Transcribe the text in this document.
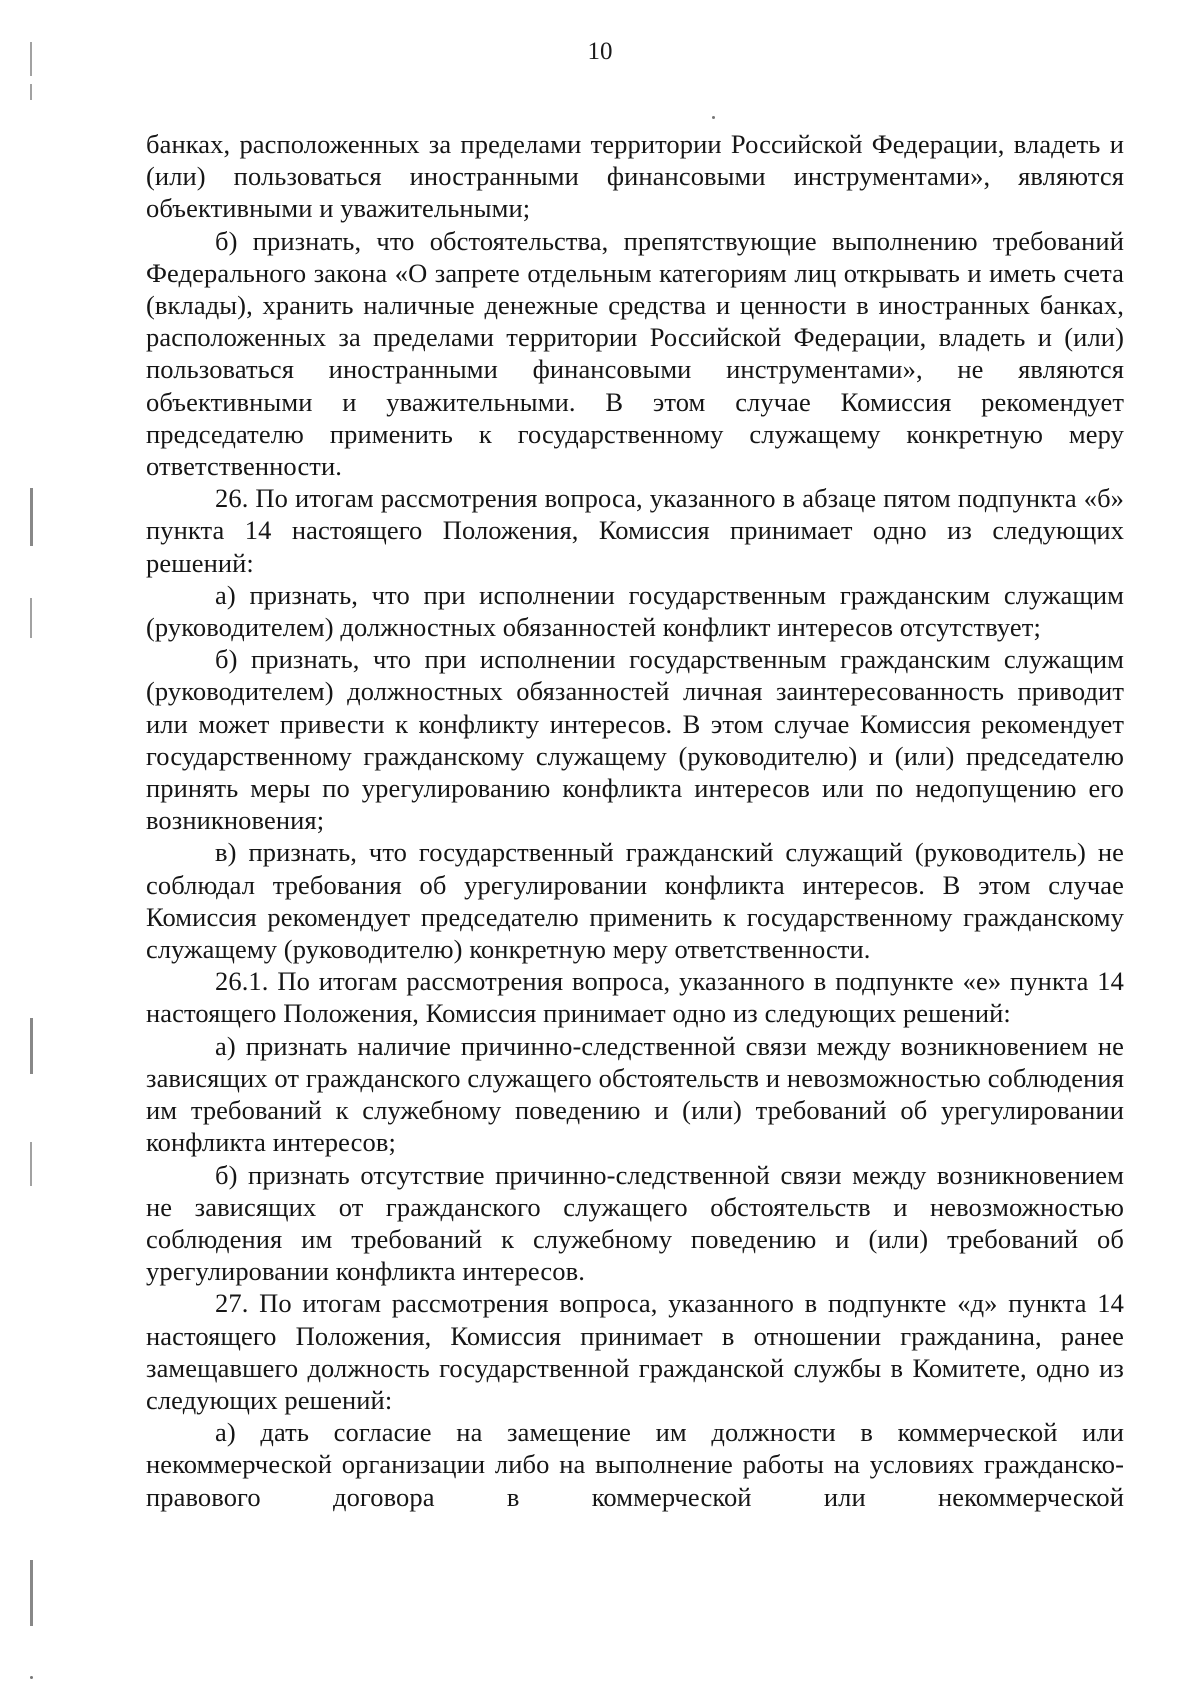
10

банках, расположенных за пределами территории Российской Федерации, владеть и (или) пользоваться иностранными финансовыми инструментами», являются объективными и уважительными;

б) признать, что обстоятельства, препятствующие выполнению требований Федерального закона «О запрете отдельным категориям лиц открывать и иметь счета (вклады), хранить наличные денежные средства и ценности в иностранных банках, расположенных за пределами территории Российской Федерации, владеть и (или) пользоваться иностранными финансовыми инструментами», не являются объективными и уважительными. В этом случае Комиссия рекомендует председателю применить к государственному служащему конкретную меру ответственности.

26. По итогам рассмотрения вопроса, указанного в абзаце пятом подпункта «б» пункта 14 настоящего Положения, Комиссия принимает одно из следующих решений:

а) признать, что при исполнении государственным гражданским служащим (руководителем) должностных обязанностей конфликт интересов отсутствует;

б) признать, что при исполнении государственным гражданским служащим (руководителем) должностных обязанностей личная заинтересованность приводит или может привести к конфликту интересов. В этом случае Комиссия рекомендует государственному гражданскому служащему (руководителю) и (или) председателю принять меры по урегулированию конфликта интересов или по недопущению его возникновения;

в) признать, что государственный гражданский служащий (руководитель) не соблюдал требования об урегулировании конфликта интересов. В этом случае Комиссия рекомендует председателю применить к государственному гражданскому служащему (руководителю) конкретную меру ответственности.

26.1. По итогам рассмотрения вопроса, указанного в подпункте «е» пункта 14 настоящего Положения, Комиссия принимает одно из следующих решений:

а) признать наличие причинно-следственной связи между возникновением не зависящих от гражданского служащего обстоятельств и невозможностью соблюдения им требований к служебному поведению и (или) требований об урегулировании конфликта интересов;

б) признать отсутствие причинно-следственной связи между возникновением не зависящих от гражданского служащего обстоятельств и невозможностью соблюдения им требований к служебному поведению и (или) требований об урегулировании конфликта интересов.

27. По итогам рассмотрения вопроса, указанного в подпункте «д» пункта 14 настоящего Положения, Комиссия принимает в отношении гражданина, ранее замещавшего должность государственной гражданской службы в Комитете, одно из следующих решений:

а) дать согласие на замещение им должности в коммерческой или некоммерческой организации либо на выполнение работы на условиях гражданско-правового договора в коммерческой или некоммерческой
